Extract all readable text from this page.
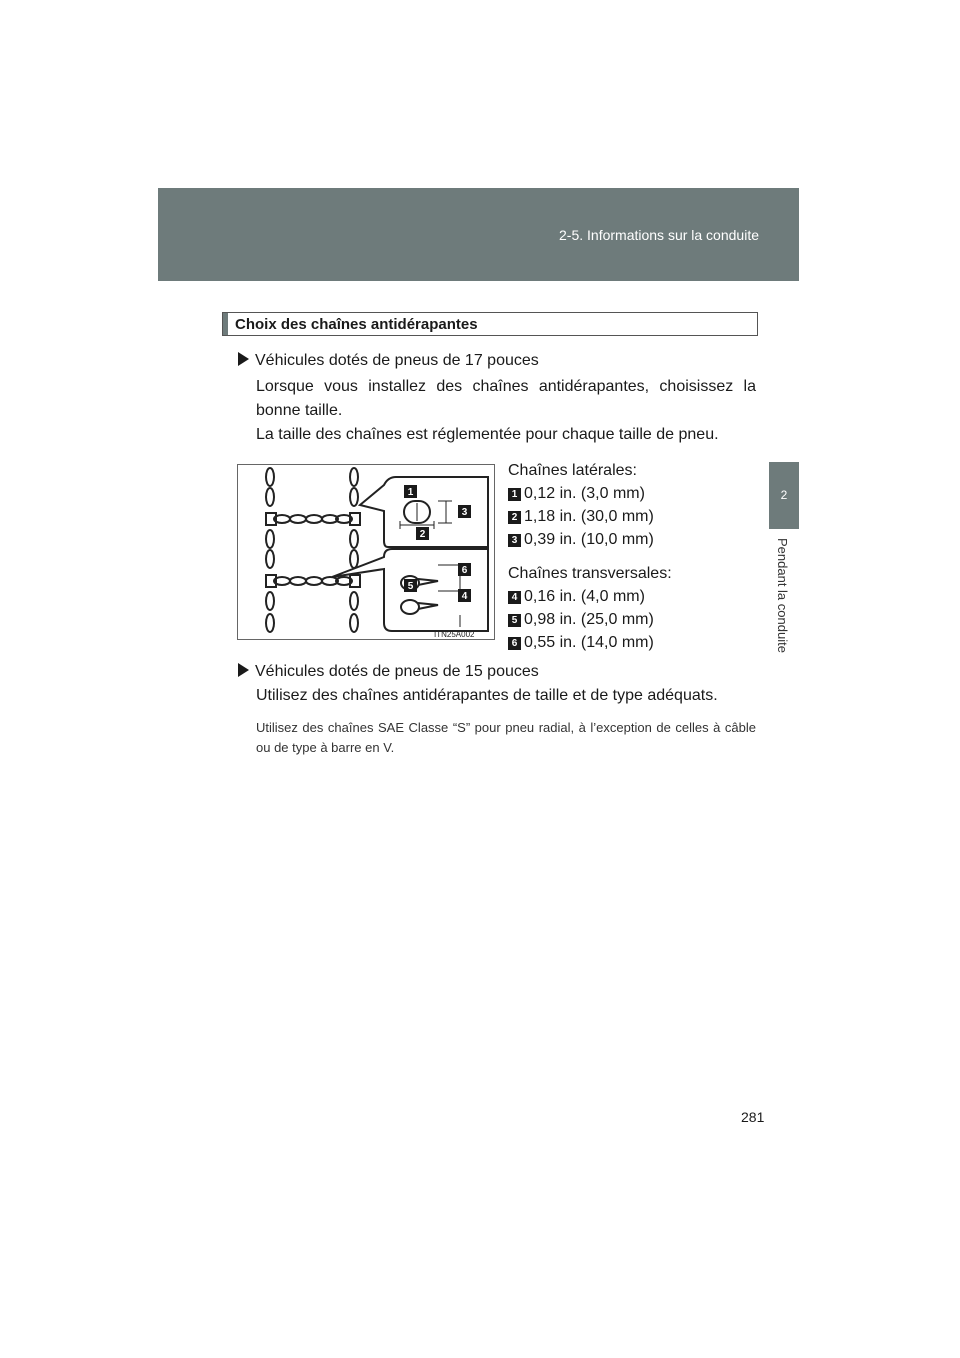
2-5. Informations sur la conduite
2
Pendant la conduite
Choix des chaînes antidérapantes
Véhicules dotés de pneus de 17 pouces

Lorsque vous installez des chaînes antidérapantes, choisissez la bonne taille.

La taille des chaînes est réglementée pour chaque taille de pneu.

1
2
3
4
5
6
ITN25A002
Chaînes latérales:
1 0,12 in. (3,0 mm)
2 1,18 in. (30,0 mm)
3 0,39 in. (10,0 mm)
Chaînes transversales:
4 0,16 in. (4,0 mm)
5 0,98 in. (25,0 mm)
6 0,55 in. (14,0 mm)
Véhicules dotés de pneus de 15 pouces

Utilisez des chaînes antidérapantes de taille et de type adéquats.

Utilisez des chaînes SAE Classe “S” pour pneu radial, à l’exception de celles à câble ou de type à barre en V.
281
